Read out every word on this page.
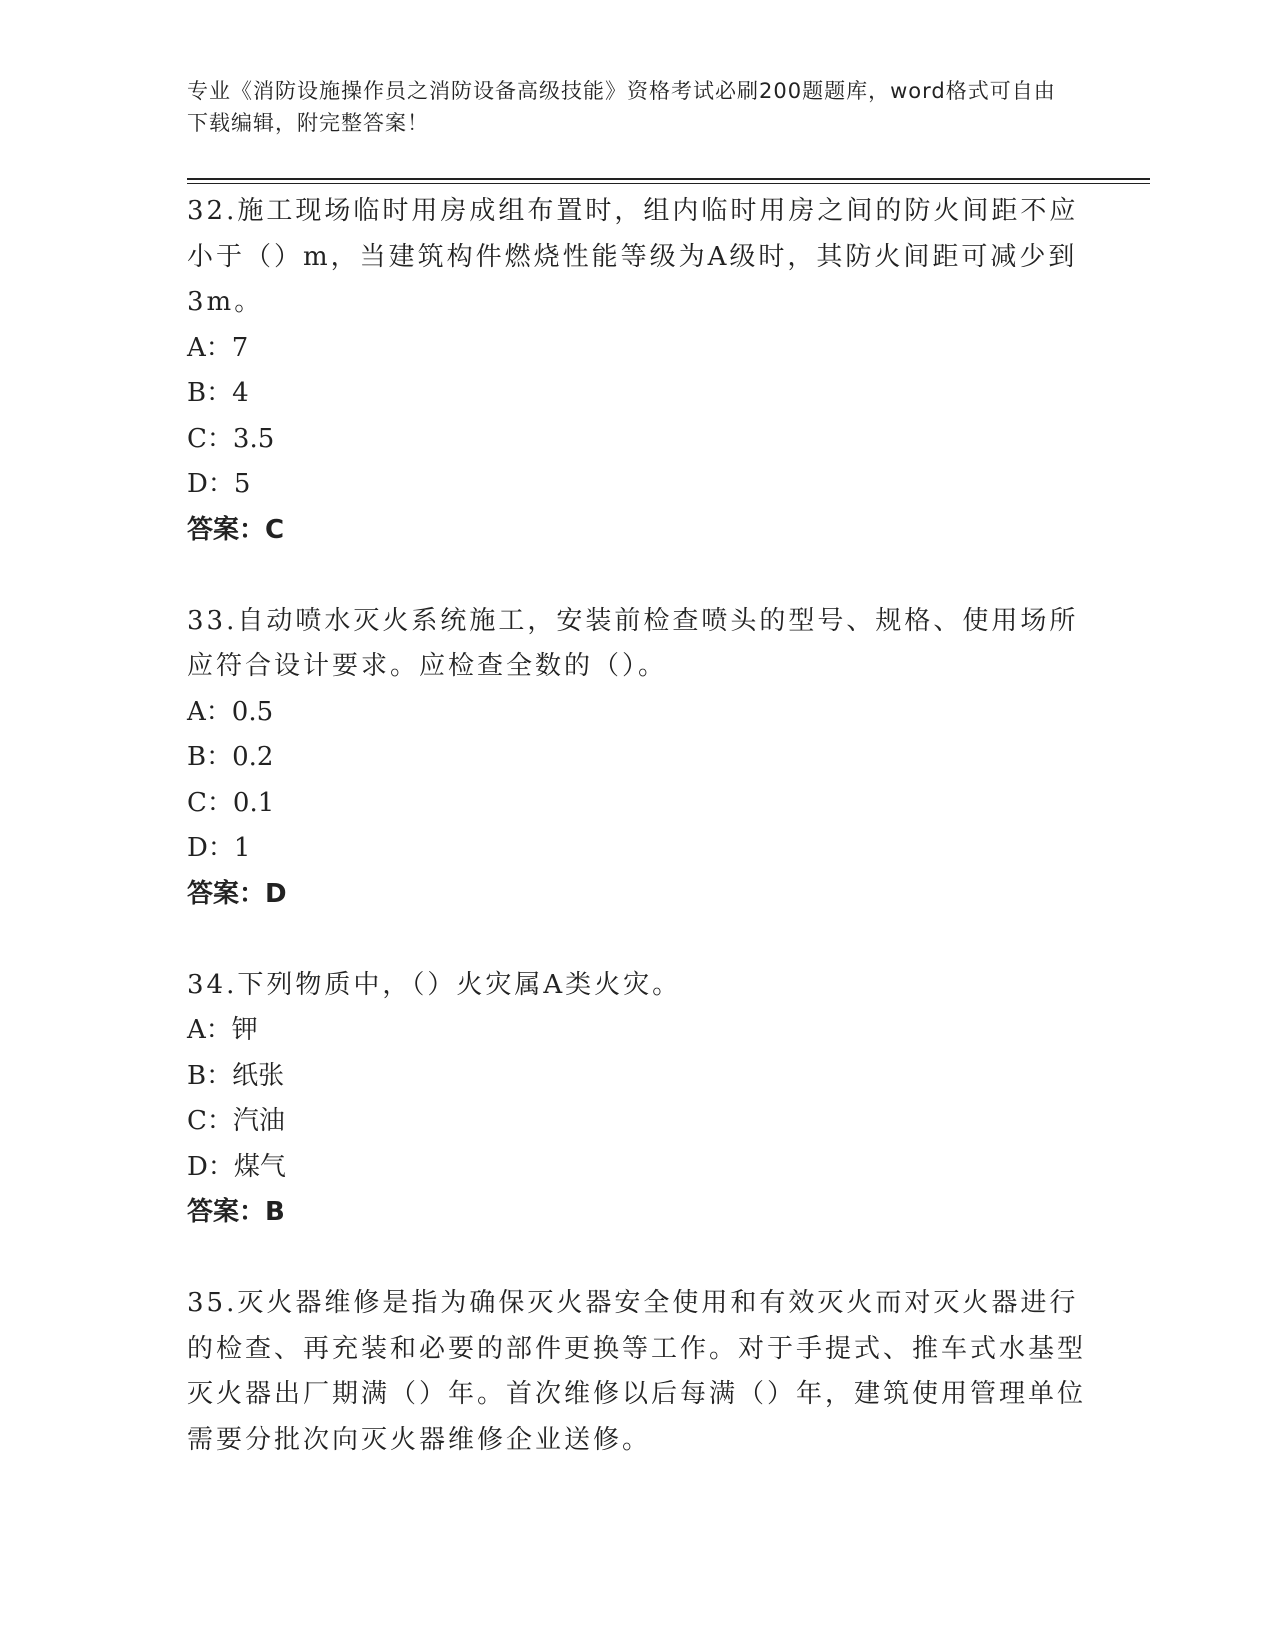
专业《消防设施操作员之消防设备高级技能》资格考试必刷200题题库，word格式可自由下载编辑，附完整答案！
32.施工现场临时用房成组布置时，组内临时用房之间的防火间距不应小于（）m，当建筑构件燃烧性能等级为A级时，其防火间距可减少到3m。
A：7
B：4
C：3.5
D：5
答案：C
33.自动喷水灭火系统施工，安装前检查喷头的型号、规格、使用场所应符合设计要求。应检查全数的（）。
A：0.5
B：0.2
C：0.1
D：1
答案：D
34.下列物质中，（）火灾属A类火灾。
A：钾
B：纸张
C：汽油
D：煤气
答案：B
35.灭火器维修是指为确保灭火器安全使用和有效灭火而对灭火器进行的检查、再充装和必要的部件更换等工作。对于手提式、推车式水基型灭火器出厂期满（）年。首次维修以后每满（）年，建筑使用管理单位需要分批次向灭火器维修企业送修。
